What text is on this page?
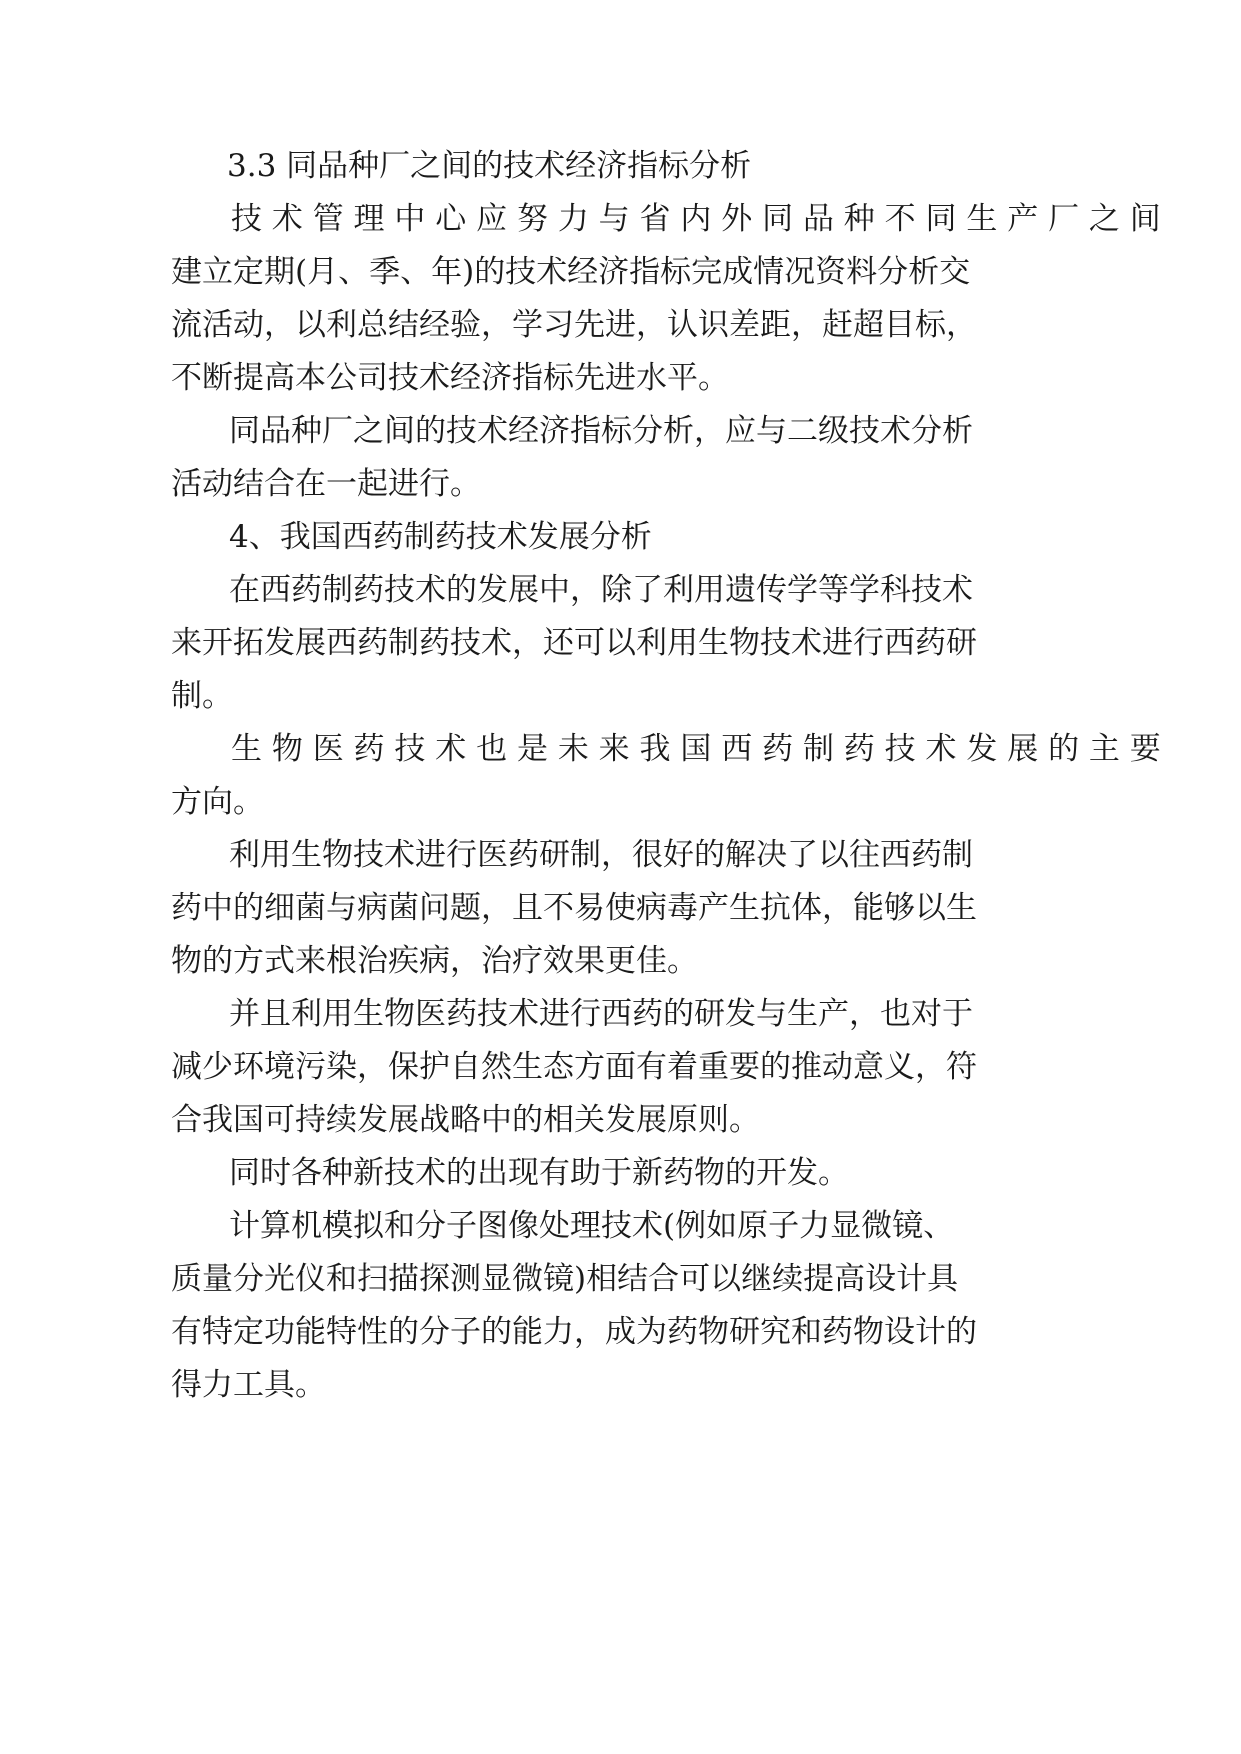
3.3 同品种厂之间的技术经济指标分析

技 术 管 理 中 心 应 努 力 与 省 内 外 同 品 种 不 同 生 产 厂 之 间

建立定期(月、季、年)的技术经济指标完成情况资料分析交

流活动，以利总结经验，学习先进，认识差距，赶超目标，

不断提高本公司技术经济指标先进水平。

同品种厂之间的技术经济指标分析，应与二级技术分析

活动结合在一起进行。

4、我国西药制药技术发展分析

在西药制药技术的发展中，除了利用遗传学等学科技术

来开拓发展西药制药技术，还可以利用生物技术进行西药研

制。

生 物 医 药 技 术 也 是 未 来 我 国 西 药 制 药 技 术 发 展 的 主 要

方向。

利用生物技术进行医药研制，很好的解决了以往西药制

药中的细菌与病菌问题，且不易使病毒产生抗体，能够以生

物的方式来根治疾病，治疗效果更佳。

并且利用生物医药技术进行西药的研发与生产，也对于

减少环境污染，保护自然生态方面有着重要的推动意义，符

合我国可持续发展战略中的相关发展原则。

同时各种新技术的出现有助于新药物的开发。

计算机模拟和分子图像处理技术(例如原子力显微镜、

质量分光仪和扫描探测显微镜)相结合可以继续提高设计具

有特定功能特性的分子的能力，成为药物研究和药物设计的

得力工具。
